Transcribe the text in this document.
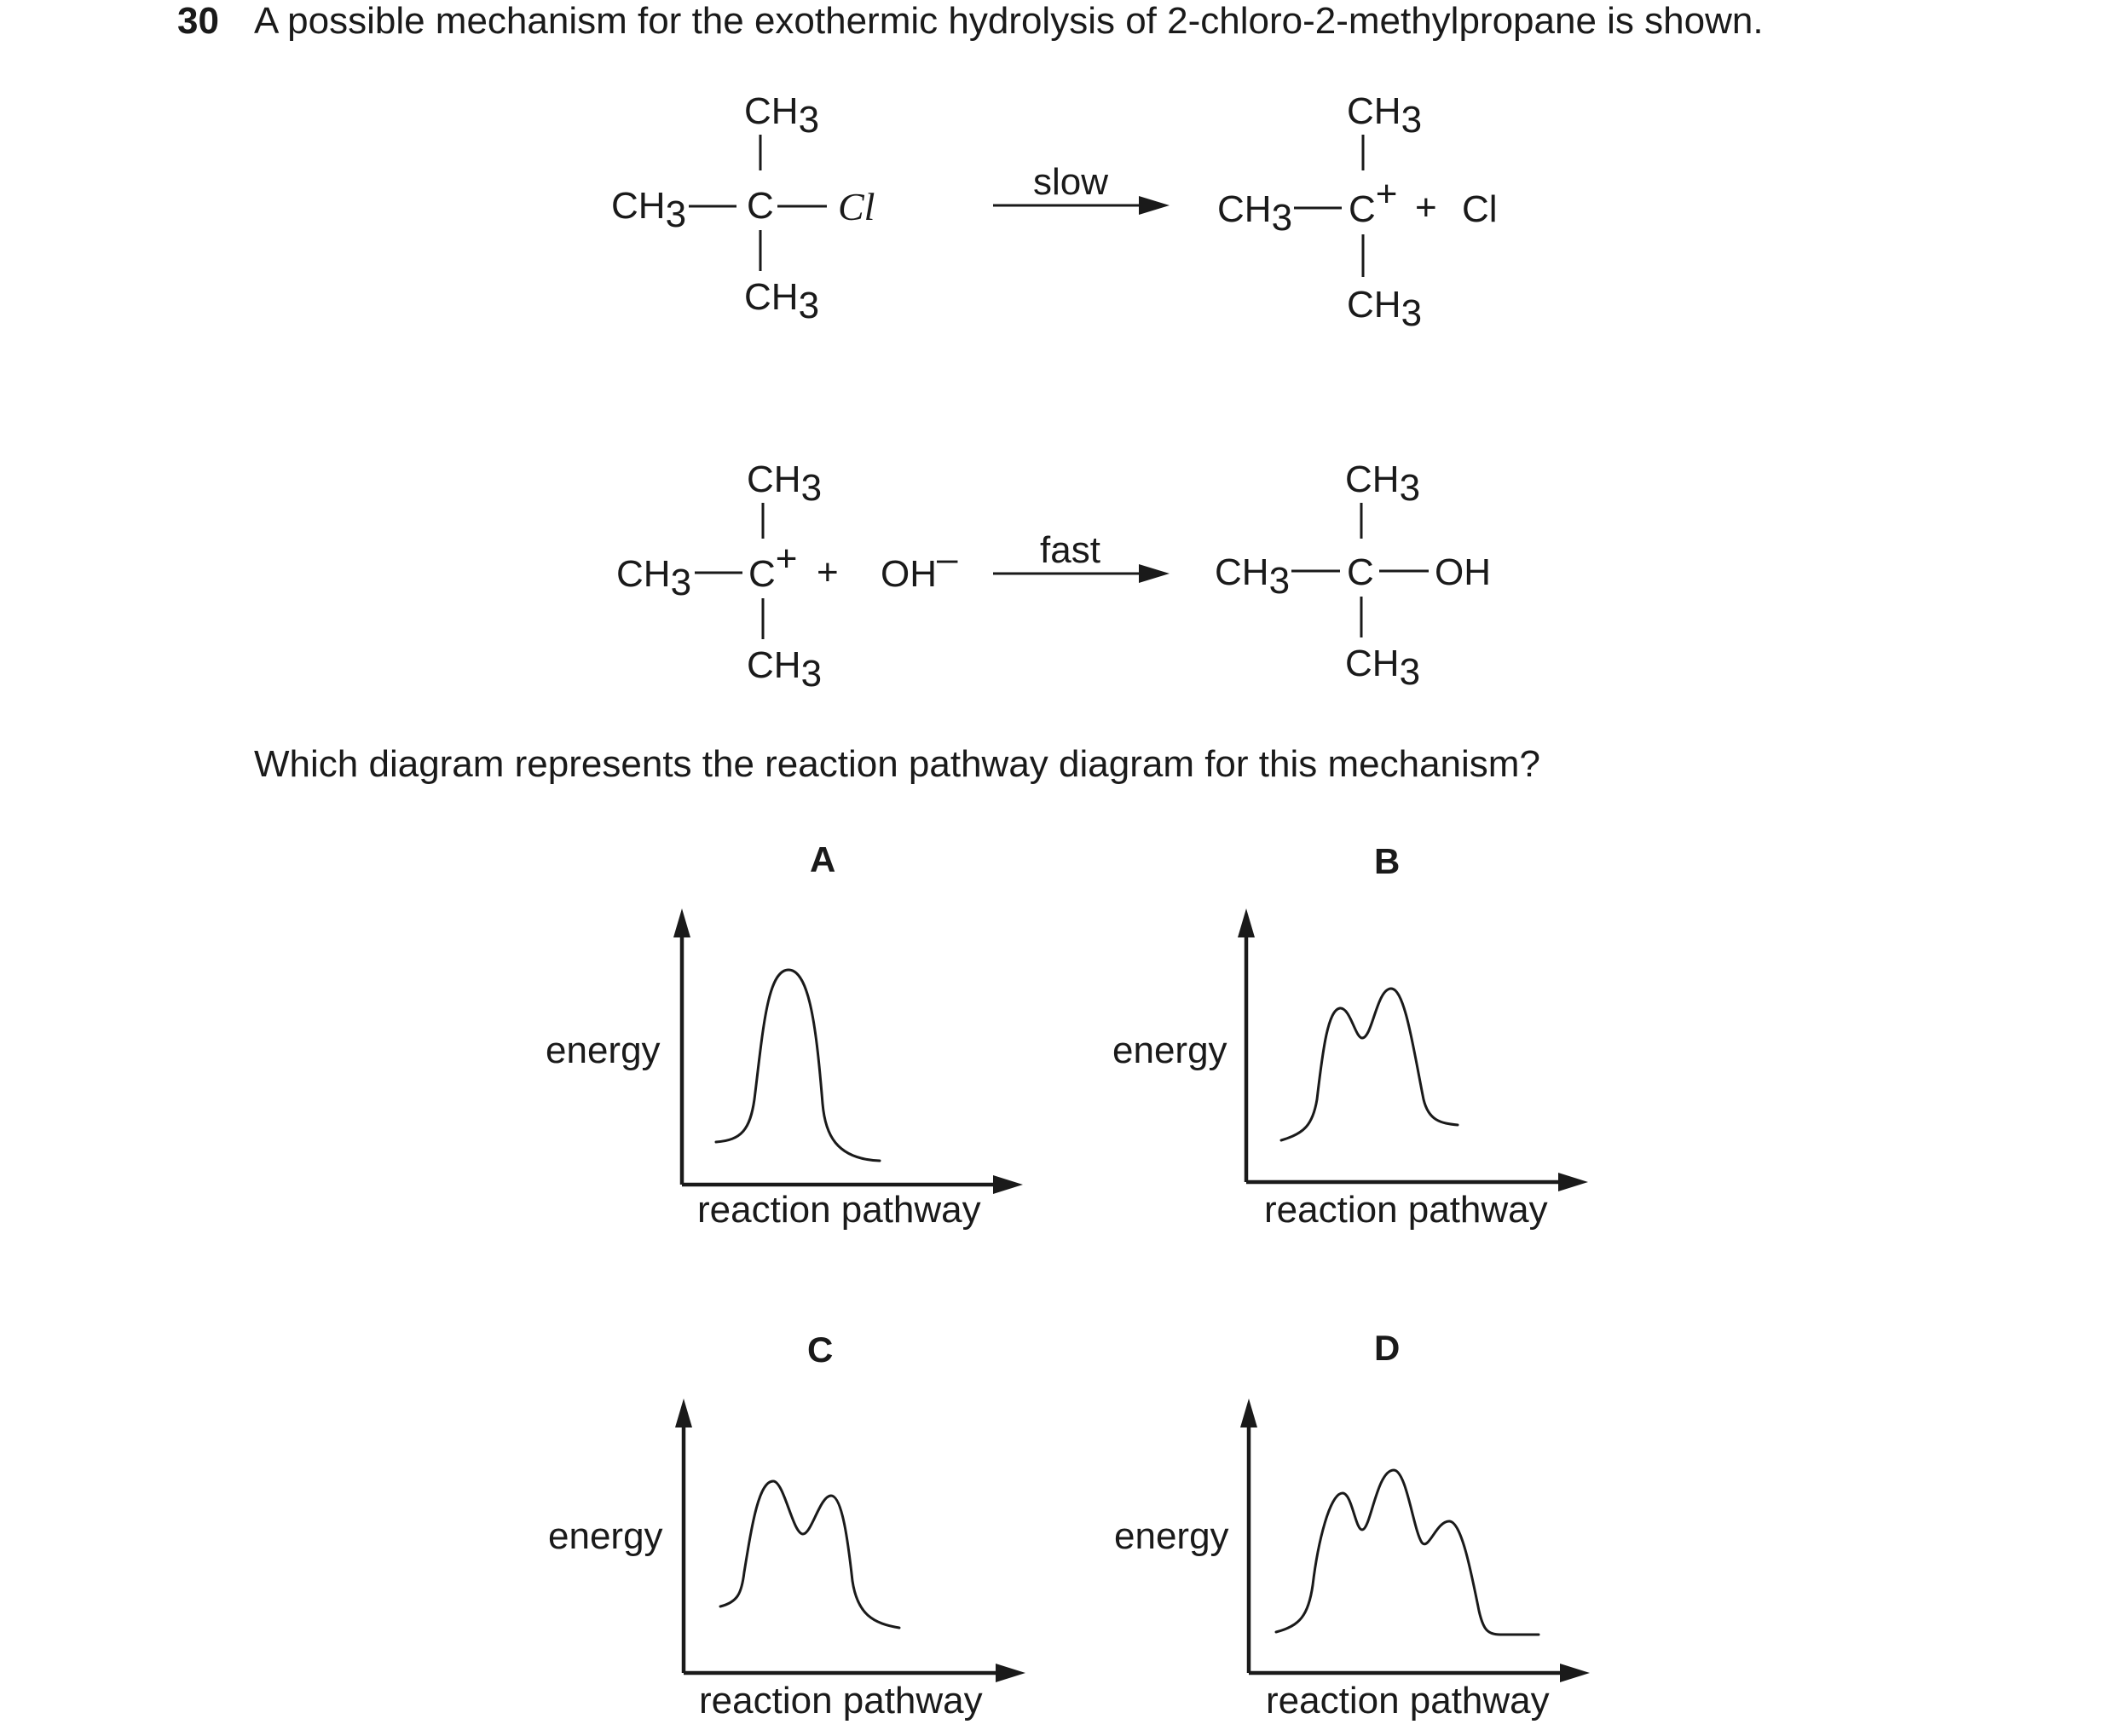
30 A possible mechanism for the exothermic hydrolysis of 2-chloro-2-methylpropane is shown.
Which diagram represents the reaction pathway diagram for this mechanism?
CH3
CH3 C Cl
CH3
slow
CH3
CH3 C+ + Cl
CH3
CH3
CH3 C+ + OH–
CH3
fast
CH3
CH3 C OH
CH3
A
energy
reaction pathway
B
energy
reaction pathway
C
energy
reaction pathway
D
energy
reaction pathway
